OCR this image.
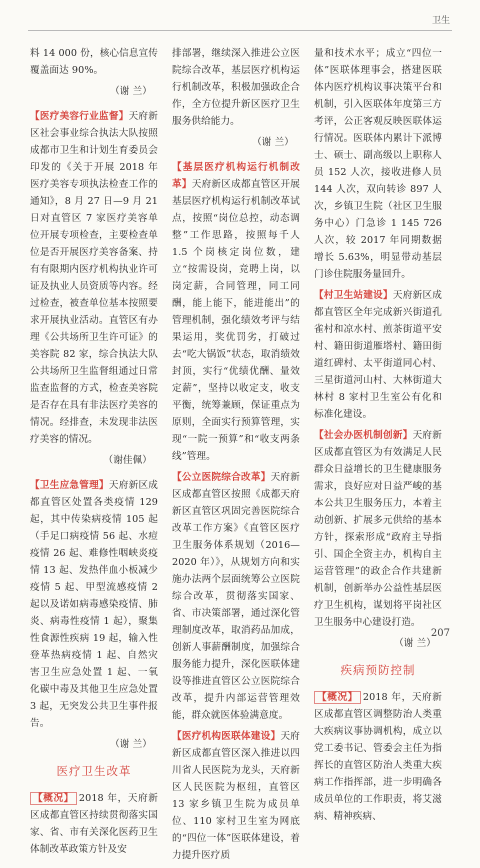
卫生

料 14 000 份，核心信息宣传覆盖面达 90%。

（谢 兰）

【医疗美容行业监督】天府新区社会事业综合执法大队按照成都市卫生和计划生育委员会印发的《关于开展 2018 年医疗美容专项执法检查工作的通知》，8 月 27 日—9 月 21 日对直管区 7 家医疗美容单位开展专项检查，主要检查单位是否开展医疗美容备案、持有有限期内医疗机构执业许可证及执业人员资质等内容。经过检查，被查单位基本按照要求开展执业活动。直管区有办理《公共场所卫生许可证》的美容院 82 家，综合执法大队公共场所卫生监督组通过日常监查监督的方式，检查美容院是否存在具有非法医疗美容的情况。经排查，未发现非法医疗美容的情况。

（谢佳佩）

【卫生应急管理】天府新区成都直管区处置各类疫情 129 起，其中传染病疫情 105 起（手足口病疫情 56 起、水痘疫情 26 起、难修性咽峡炎疫情 13 起、发热伴血小板减少疫情 5 起、甲型流感疫情 2 起以及诺如病毒感染疫情、肺炎、病毒性疫情 1 起），聚集性食源性疾病 19 起，输入性登革热病疫情 1 起、自然灾害卫生应急处置 1 起、一氧化碳中毒及其他卫生应急处置 3 起，无突发公共卫生事件报告。

（谢 兰）

医疗卫生改革

【概况】 2018 年，天府新区成都直管区持续贯彻落实国家、省、市有关深化医药卫生体制改革政策方针及安

排部署，继续深入推进公立医院综合改革，基层医疗机构运行机制改革，积极加强政企合作，全方位提升新区医疗卫生服务供给能力。

（谢 兰）

【基层医疗机构运行机制改革】天府新区成都直管区开展基层医疗机构运行机制改革试点，按照“岗位总控，动态调整”工作思路，按照每千人 1.5 个岗核定岗位数，建立“按需设岗，竞聘上岗，以岗定薪，合同管理，同工同酬，能上能下，能进能出”的管理机制，强化绩效考评与结果运用，奖优罚劣，打破过去“吃大锅饭”状态，取消绩效封顶，实行“优绩优酬、量效定薪”，坚持以收定支，收支平衡，统筹兼顾，保证重点为原则，全面实行预算管理，实现“一院一预算”和“收支两条线”管理。

【公立医院综合改革】天府新区成都直管区按照《成都天府新区直管区巩固完善医院综合改革工作方案》《直管区医疗卫生服务体系规划（2016—2020 年）》，从规划方向和实施办法两个层面统筹公立医院综合改革，贯彻落实国家、省、市决策部署，通过深化管理制度改革，取消药品加成，创新人事薪酬制度，加强综合服务能力提升，深化医联体建设等推进直管区公立医院综合改革，提升内部运营管理效能，群众就医体验满意度。

【医疗机构医联体建设】天府新区成都直管区深入推进以四川省人民医院为龙头，天府新区人民医院为枢纽，直管区 13 家乡镇卫生院为成员单位、110 家村卫生室为网底的“四位一体”医联体建设，着力提升医疗质

量和技术水平；成立“四位一体”医联体理事会，搭建医联体内医疗机构议事决策平台和机制，引入医联体年度第三方考评，公正客观反映医联体运行情况。医联体内累计下派博士、硕士、副高级以上职称人员 152 人次，接收进修人员 144 人次，双向转诊 897 人次，乡镇卫生院（社区卫生服务中心）门急诊 1 145 726 人次，较 2017 年同期数据增长 5.63%，明显带动基层门诊住院服务量回升。

【村卫生站建设】天府新区成都直管区全年完成新兴街道孔雀村和凉水村、煎茶街道平安村、籍田街道雁塔村、籍田街道红碑村、太平街道同心村、三星街道河山村、大林街道大林村 8 家村卫生室公有化和标准化建设。

【社会办医机制创新】天府新区成都直管区为有效满足人民群众日益增长的卫生健康服务需求，良好应对日益严峻的基本公共卫生服务压力，本着主动创新、扩展多元供给的基本方针，探索形成“政府主导指引、国企全资主办，机构自主运营管理”的政企合作共建新机制，创新举办公益性基层医疗卫生机构，谋划将平岗社区卫生服务中心建设打造。

（谢 兰）

疾病预防控制

【概况】 2018 年，天府新区成都直管区调整防治人类重大疾病议事协调机构，成立以党工委书记、管委会主任为指挥长的直管区防治人类重大疾病工作指挥部，进一步明确各成员单位的工作职责，将艾滋病、精神疾病、

207
